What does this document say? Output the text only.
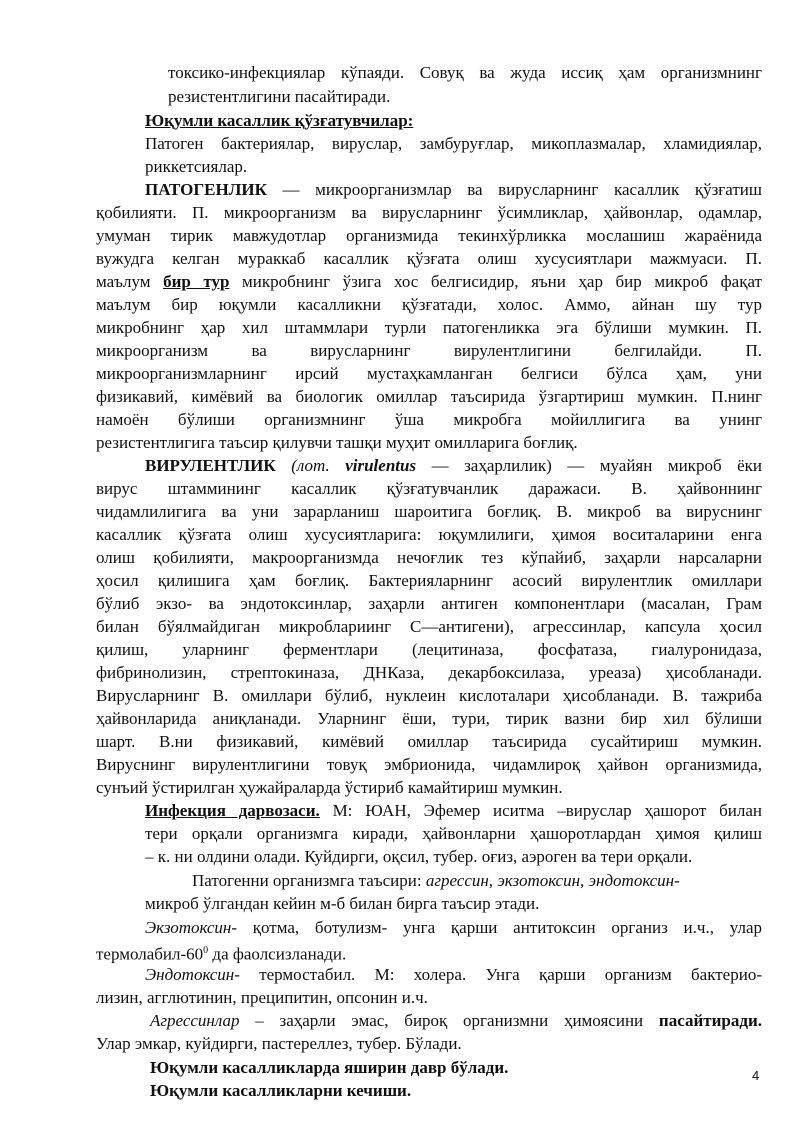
токсико-инфекциялар кўпаяди. Совуқ ва жуда иссиқ ҳам организмнинг
резистентлигини пасайтиради.
Юқумли касаллик қўзғатувчилар:
Патоген бактериялар, вируслар, замбуруғлар, микоплазмалар, хламидиялар,
риккетсиялар.
ПАТОГЕНЛИК — микроорганизмлар ва вирусларнинг касаллик қўзғатиш
қобилияти. П. микроорганизм ва вирусларнинг ўсимликлар, ҳайвонлар, одамлар,
умуман тирик мавжудотлар организмида текинхўрликка мослашиш жараёнида
вужудга келган мураккаб касаллик қўзғата олиш хусусиятлари мажмуаси. П.
маълум бир тур микробнинг ўзига хос белгисидир, яъни ҳар бир микроб фақат
маълум бир юқумли касалликни қўзғатади, холос. Аммо, айнан шу тур
микробнинг ҳар хил штаммлари турли патогенликка эга бўлиши мумкин. П.
микроорганизм ва вирусларнинг вирулентлигини белгилайди. П.
микроорганизмларнинг ирсий мустаҳкамланган белгиси бўлса ҳам, уни
физикавий, кимёвий ва биологик омиллар таъсирида ўзгартириш мумкин. П.нинг
намоён бўлиши организмнинг ўша микробга мойиллигига ва унинг
резистентлигига таъсир қилувчи ташқи муҳит омилларига боғлиқ.
ВИРУЛЕНТЛИК (лот. virulentus — заҳарлилик) — муайян микроб ёки
вирус штаммининг касаллик қўзғатувчанлик даражаси. В. ҳайвоннинг
чидамлилигига ва уни зарарланиш шароитига боғлиқ. В. микроб ва вируснинг
касаллик қўзғата олиш хусусиятларига: юқумлилиги, ҳимоя воситаларини енга
олиш қобилияти, макроорганизмда нечоғлик тез кўпайиб, заҳарли нарсаларни
ҳосил қилишига ҳам боғлиқ. Бактерияларнинг асосий вирулентлик омиллари
бўлиб экзо- ва эндотоксинлар, заҳарли антиген компонентлари (масалан, Грам
билан бўялмайдиган микроблариинг С—антигени), агрессинлар, капсула ҳосил
қилиш, уларнинг ферментлари (лецитиназа, фосфатаза, гиалуронидаза,
фибринолизин, стрептокиназа, ДНКаза, декарбоксилаза, уреаза) ҳисобланади.
Вирусларнинг В. омиллари бўлиб, нуклеин кислоталари ҳисобланади. В. тажриба
ҳайвонларида аниқланади. Уларнинг ёши, тури, тирик вазни бир хил бўлиши
шарт. В.ни физикавий, кимёвий омиллар таъсирида сусайтириш мумкин.
Вируснинг вирулентлигини товуқ эмбрионида, чидамлироқ ҳайвон организмида,
сунъий ўстирилган ҳужайраларда ўстириб камайтириш мумкин.
Инфекция дарвозаси. М: ЮАН, Эфемер иситма –вируслар ҳашорот билан
тери орқали организмга киради, ҳайвонларни ҳашоротлардан ҳимоя қилиш
– к. ни олдини олади. Куйдирги, оқсил, тубер. оғиз, аэроген ва тери орқали.
Патогенни организмга таъсири: агрессин, экзотоксин, эндотоксин-
микроб ўлгандан кейин м-б билан бирга таъсир этади.
Экзотоксин- қотма, ботулизм- унга қарши антитоксин организ и.ч., улар
термолабил-$60^0$ да фаолсизланади.
Эндотоксин- термостабил. М: холера. Унга қарши организм бактерио-
лизин, агглютинин, преципитин, опсонин и.ч.
Агрессинлар – заҳарли эмас, бироқ организмни ҳимоясини пасайтиради.
Улар эмкар, куйдирги, пастереллез, тубер. Бўлади.
Юқумли касалликларда яширин давр бўлади.
Юқумли касалликларни кечиши.
4
